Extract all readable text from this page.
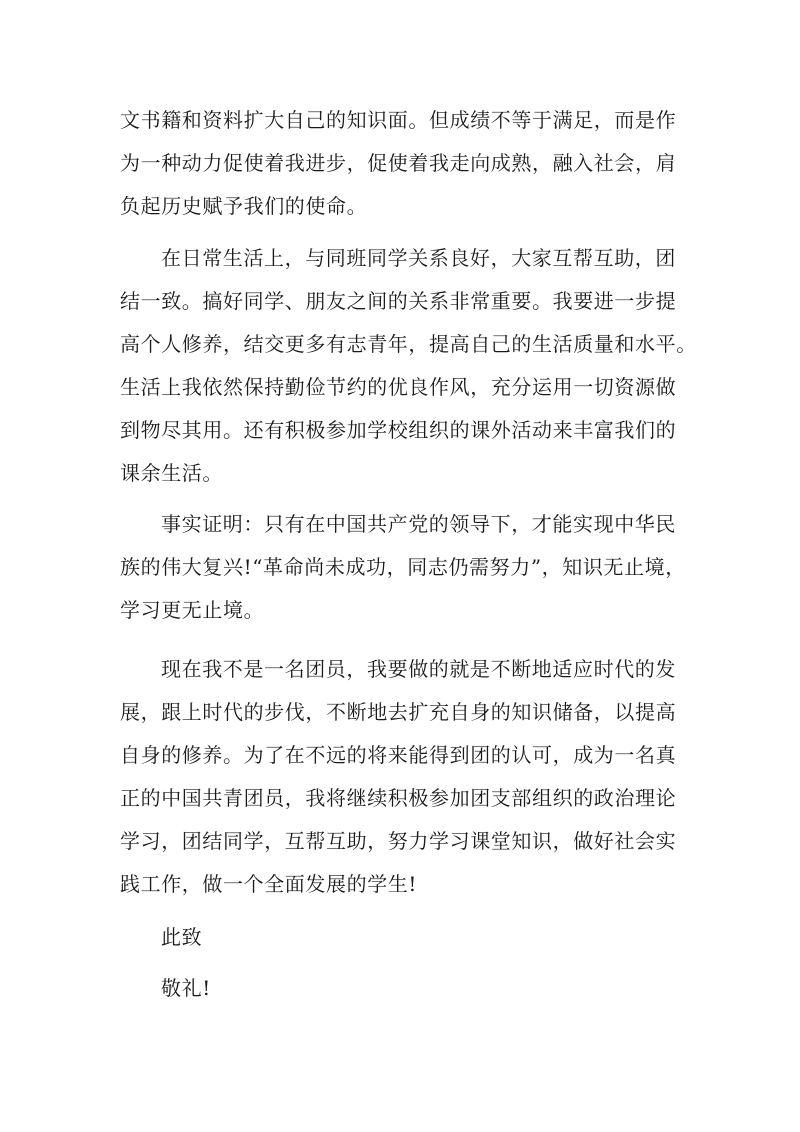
文书籍和资料扩大自己的知识面。但成绩不等于满足，而是作
为一种动力促使着我进步，促使着我走向成熟，融入社会，肩
负起历史赋予我们的使命。
在日常生活上，与同班同学关系良好，大家互帮互助，团
结一致。搞好同学、朋友之间的关系非常重要。我要进一步提
高个人修养，结交更多有志青年，提高自己的生活质量和水平。
生活上我依然保持勤俭节约的优良作风，充分运用一切资源做
到物尽其用。还有积极参加学校组织的课外活动来丰富我们的
课余生活。
事实证明：只有在中国共产党的领导下，才能实现中华民
族的伟大复兴!“革命尚未成功，同志仍需努力”，知识无止境，
学习更无止境。
现在我不是一名团员，我要做的就是不断地适应时代的发
展，跟上时代的步伐，不断地去扩充自身的知识储备，以提高
自身的修养。为了在不远的将来能得到团的认可，成为一名真
正的中国共青团员，我将继续积极参加团支部组织的政治理论
学习，团结同学，互帮互助，努力学习课堂知识，做好社会实
践工作，做一个全面发展的学生!
此致
敬礼!
